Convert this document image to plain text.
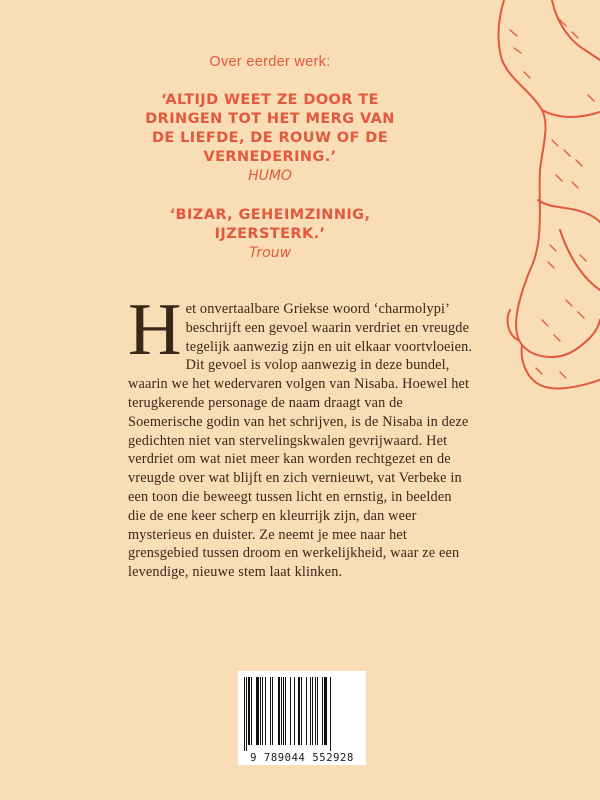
Over eerder werk:
‘ALTIJD WEET ZE DOOR TE
DRINGEN TOT HET MERG VAN
DE LIEFDE, DE ROUW OF DE
VERNEDERING.’
HUMO
‘BIZAR, GEHEIMZINNIG,
IJZERSTERK.’
Trouw
Het onvertaalbare Griekse woord ‘charmolypi’ beschrijft een gevoel waarin verdriet en vreugde tegelijk aanwezig zijn en uit elkaar voortvloeien. Dit gevoel is volop aanwezig in deze bundel, waarin we het wedervaren volgen van Nisaba. Hoewel het terugkerende personage de naam draagt van de Soemerische godin van het schrijven, is de Nisaba in deze gedichten niet van stervelingskwalen gevrijwaard. Het verdriet om wat niet meer kan worden rechtgezet en de vreugde over wat blijft en zich vernieuwt, vat Verbeke in een toon die beweegt tussen licht en ernstig, in beelden die de ene keer scherp en kleurrijk zijn, dan weer mysterieus en duister. Ze neemt je mee naar het grensgebied tussen droom en werkelijkheid, waar ze een levendige, nieuwe stem laat klinken.
9 789044 552928
